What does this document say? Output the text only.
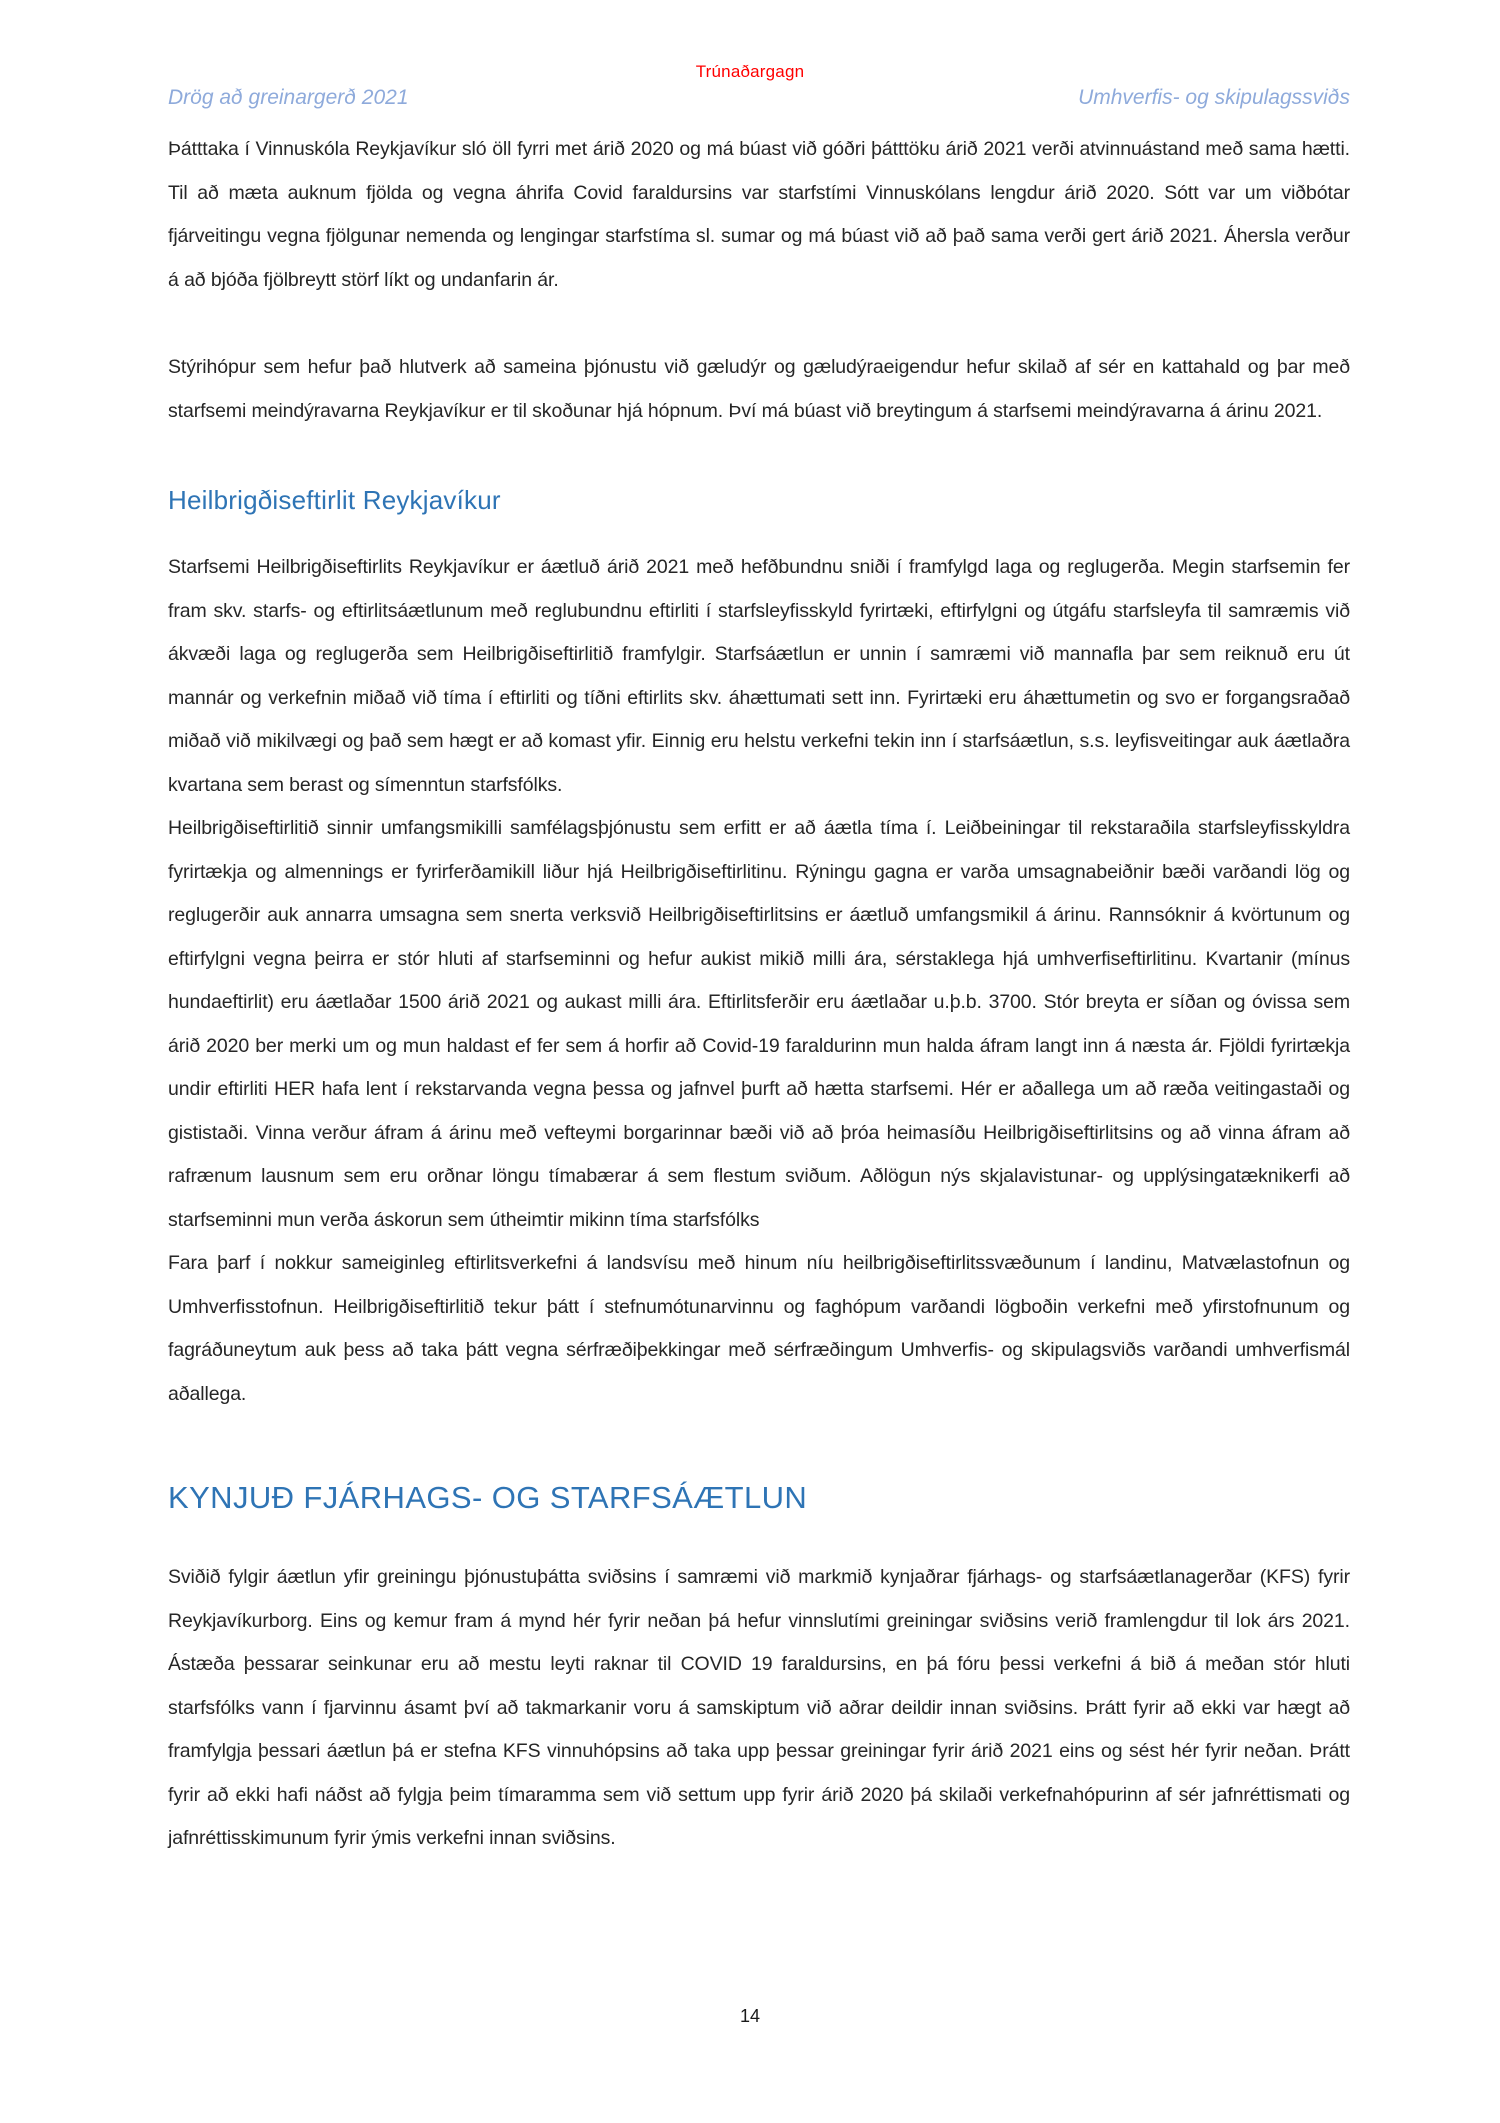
Trúnaðargagn
Drög að greinargerð 2021	Umhverfis- og skipulagssviðs

Þátttaka í Vinnuskóla Reykjavíkur sló öll fyrri met árið 2020 og má búast við góðri þátttöku árið 2021 verði atvinnuástand með sama hætti. Til að mæta auknum fjölda og vegna áhrifa Covid faraldursins var starfstími Vinnuskólans lengdur árið 2020. Sótt var um viðbótar fjárveitingu vegna fjölgunar nemenda og lengingar starfstíma sl. sumar og má búast við að það sama verði gert árið 2021. Áhersla verður á að bjóða fjölbreytt störf líkt og undanfarin ár.

Stýrihópur sem hefur það hlutverk að sameina þjónustu við gæludýr og gæludýraeigendur hefur skilað af sér en kattahald og þar með starfsemi meindýravarna Reykjavíkur er til skoðunar hjá hópnum. Því má búast við breytingum á starfsemi meindýravarna á árinu 2021.

Heilbrigðiseftirlit Reykjavíkur

Starfsemi Heilbrigðiseftirlits Reykjavíkur er áætluð árið 2021 með hefðbundnu sniði í framfylgd laga og reglugerða. Megin starfsemin fer fram skv. starfs- og eftirlitsáætlunum með reglubundnu eftirliti í starfsleyfisskyld fyrirtæki, eftirfylgni og útgáfu starfsleyfa til samræmis við ákvæði laga og reglugerða sem Heilbrigðiseftirlitið framfylgir. Starfsáætlun er unnin í samræmi við mannafla þar sem reiknuð eru út mannár og verkefnin miðað við tíma í eftirliti og tíðni eftirlits skv. áhættumati sett inn. Fyrirtæki eru áhættumetin og svo er forgangsraðað miðað við mikilvægi og það sem hægt er að komast yfir. Einnig eru helstu verkefni tekin inn í starfsáætlun, s.s. leyfisveitingar auk áætlaðra kvartana sem berast og símenntun starfsfólks.

Heilbrigðiseftirlitið sinnir umfangsmikilli samfélagsþjónustu sem erfitt er að áætla tíma í. Leiðbeiningar til rekstaraðila starfsleyfisskyldra fyrirtækja og almennings er fyrirferðamikill liður hjá Heilbrigðiseftirlitinu. Rýningu gagna er varða umsagnabeiðnir bæði varðandi lög og reglugerðir auk annarra umsagna sem snerta verksvið Heilbrigðiseftirlitsins er áætluð umfangsmikil á árinu. Rannsóknir á kvörtunum og eftirfylgni vegna þeirra er stór hluti af starfseminni og hefur aukist mikið milli ára, sérstaklega hjá umhverfiseftirlitinu. Kvartanir (mínus hundaeftirlit) eru áætlaðar 1500 árið 2021 og aukast milli ára. Eftirlitsferðir eru áætlaðar u.þ.b. 3700. Stór breyta er síðan og óvissa sem árið 2020 ber merki um og mun haldast ef fer sem á horfir að Covid-19 faraldurinn mun halda áfram langt inn á næsta ár. Fjöldi fyrirtækja undir eftirliti HER hafa lent í rekstarvanda vegna þessa og jafnvel þurft að hætta starfsemi. Hér er aðallega um að ræða veitingastaði og gististaði. Vinna verður áfram á árinu með vefteymi borgarinnar bæði við að þróa heimasíðu Heilbrigðiseftirlitsins og að vinna áfram að rafrænum lausnum sem eru orðnar löngu tímabærar á sem flestum sviðum. Aðlögun nýs skjalavistunar- og upplýsingatæknikerfi að starfseminni mun verða áskorun sem útheimtir mikinn tíma starfsfólks

Fara þarf í nokkur sameiginleg eftirlitsverkefni á landsvísu með hinum níu heilbrigðiseftirlitssvæðunum í landinu, Matvælastofnun og Umhverfisstofnun. Heilbrigðiseftirlitið tekur þátt í stefnumótunarvinnu og faghópum varðandi lögboðin verkefni með yfirstofnunum og fagráðuneytum auk þess að taka þátt vegna sérfræðiþekkingar með sérfræðingum Umhverfis- og skipulagsviðs varðandi umhverfismál aðallega.

KYNJUÐ FJÁRHAGS- OG STARFSÁÆTLUN

Sviðið fylgir áætlun yfir greiningu þjónustuþátta sviðsins í samræmi við markmið kynjaðrar fjárhags- og starfsáætlanagerðar (KFS) fyrir Reykjavíkurborg. Eins og kemur fram á mynd hér fyrir neðan þá hefur vinnslutími greiningar sviðsins verið framlengdur til lok árs 2021. Ástæða þessarar seinkunar eru að mestu leyti raknar til COVID 19 faraldursins, en þá fóru þessi verkefni á bið á meðan stór hluti starfsfólks vann í fjarvinnu ásamt því að takmarkanir voru á samskiptum við aðrar deildir innan sviðsins. Þrátt fyrir að ekki var hægt að framfylgja þessari áætlun þá er stefna KFS vinnuhópsins að taka upp þessar greiningar fyrir árið 2021 eins og sést hér fyrir neðan. Þrátt fyrir að ekki hafi náðst að fylgja þeim tímaramma sem við settum upp fyrir árið 2020 þá skilaði verkefnahópurinn af sér jafnréttismati og jafnréttisskimunum fyrir ýmis verkefni innan sviðsins.

14
